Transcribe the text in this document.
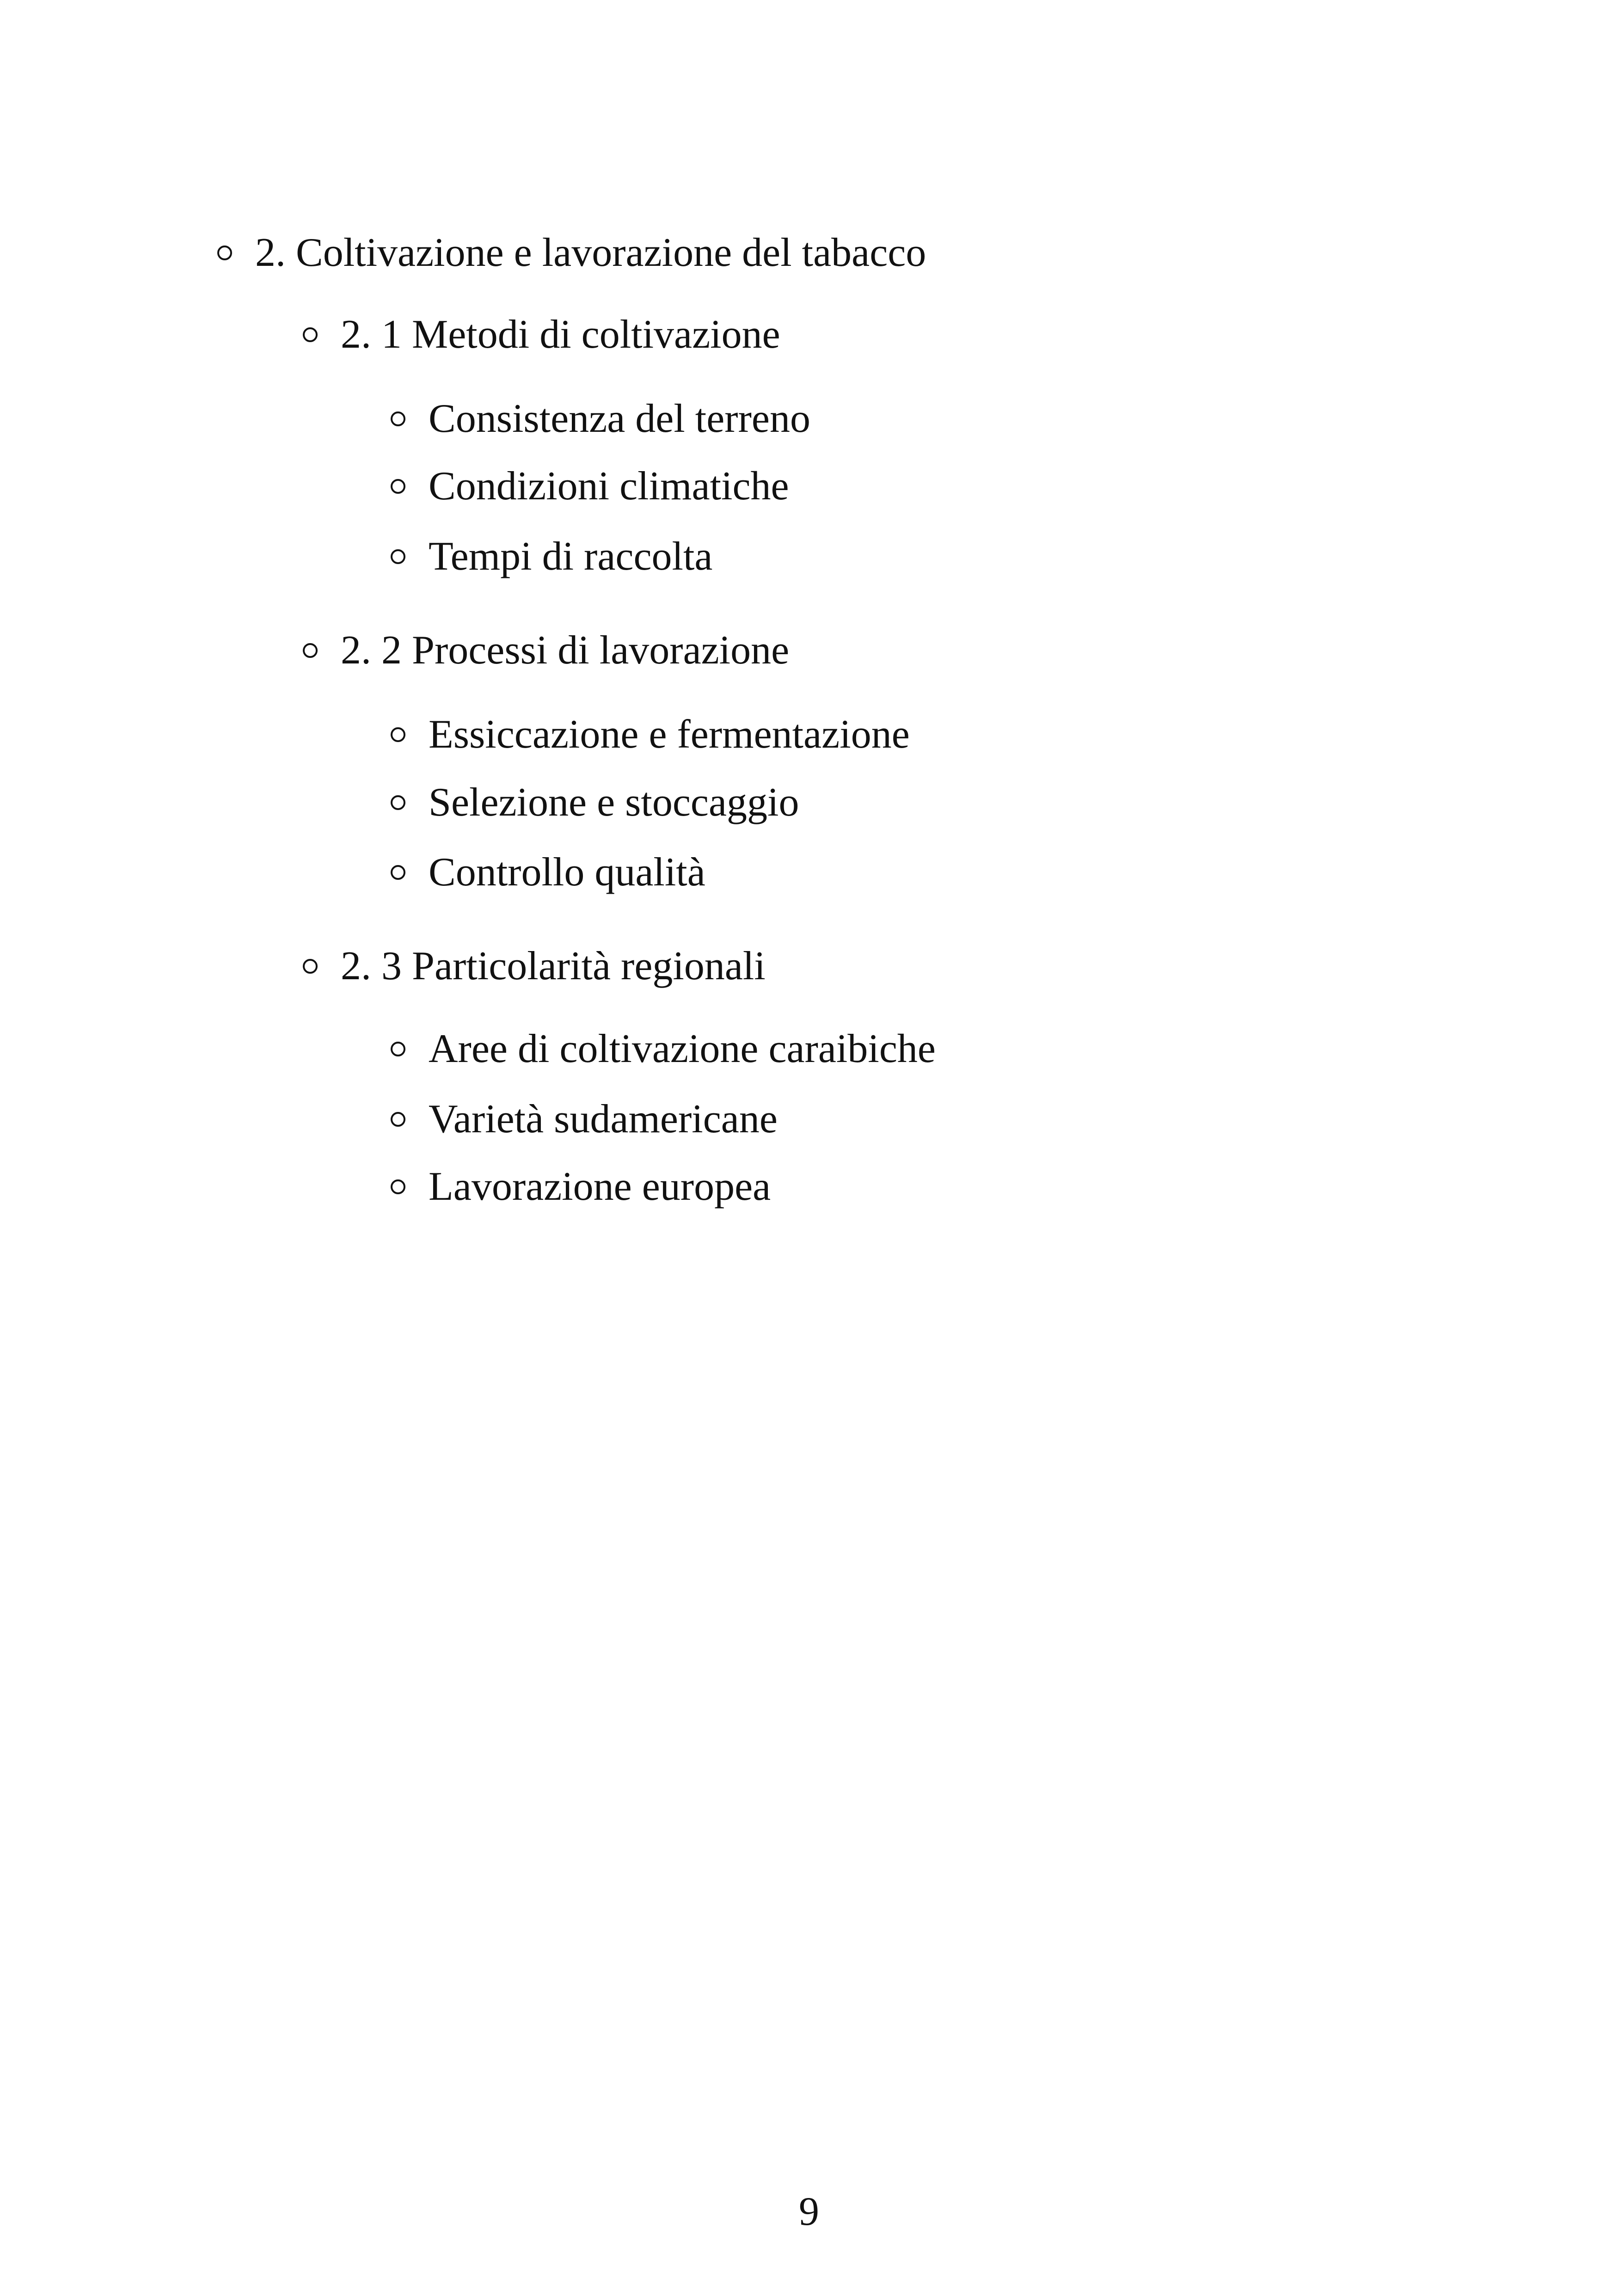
2. Coltivazione e lavorazione del tabacco
2. 1 Metodi di coltivazione
Consistenza del terreno
Condizioni climatiche
Tempi di raccolta
2. 2 Processi di lavorazione
Essiccazione e fermentazione
Selezione e stoccaggio
Controllo qualità
2. 3 Particolarità regionali
Aree di coltivazione caraibiche
Varietà sudamericane
Lavorazione europea
9
